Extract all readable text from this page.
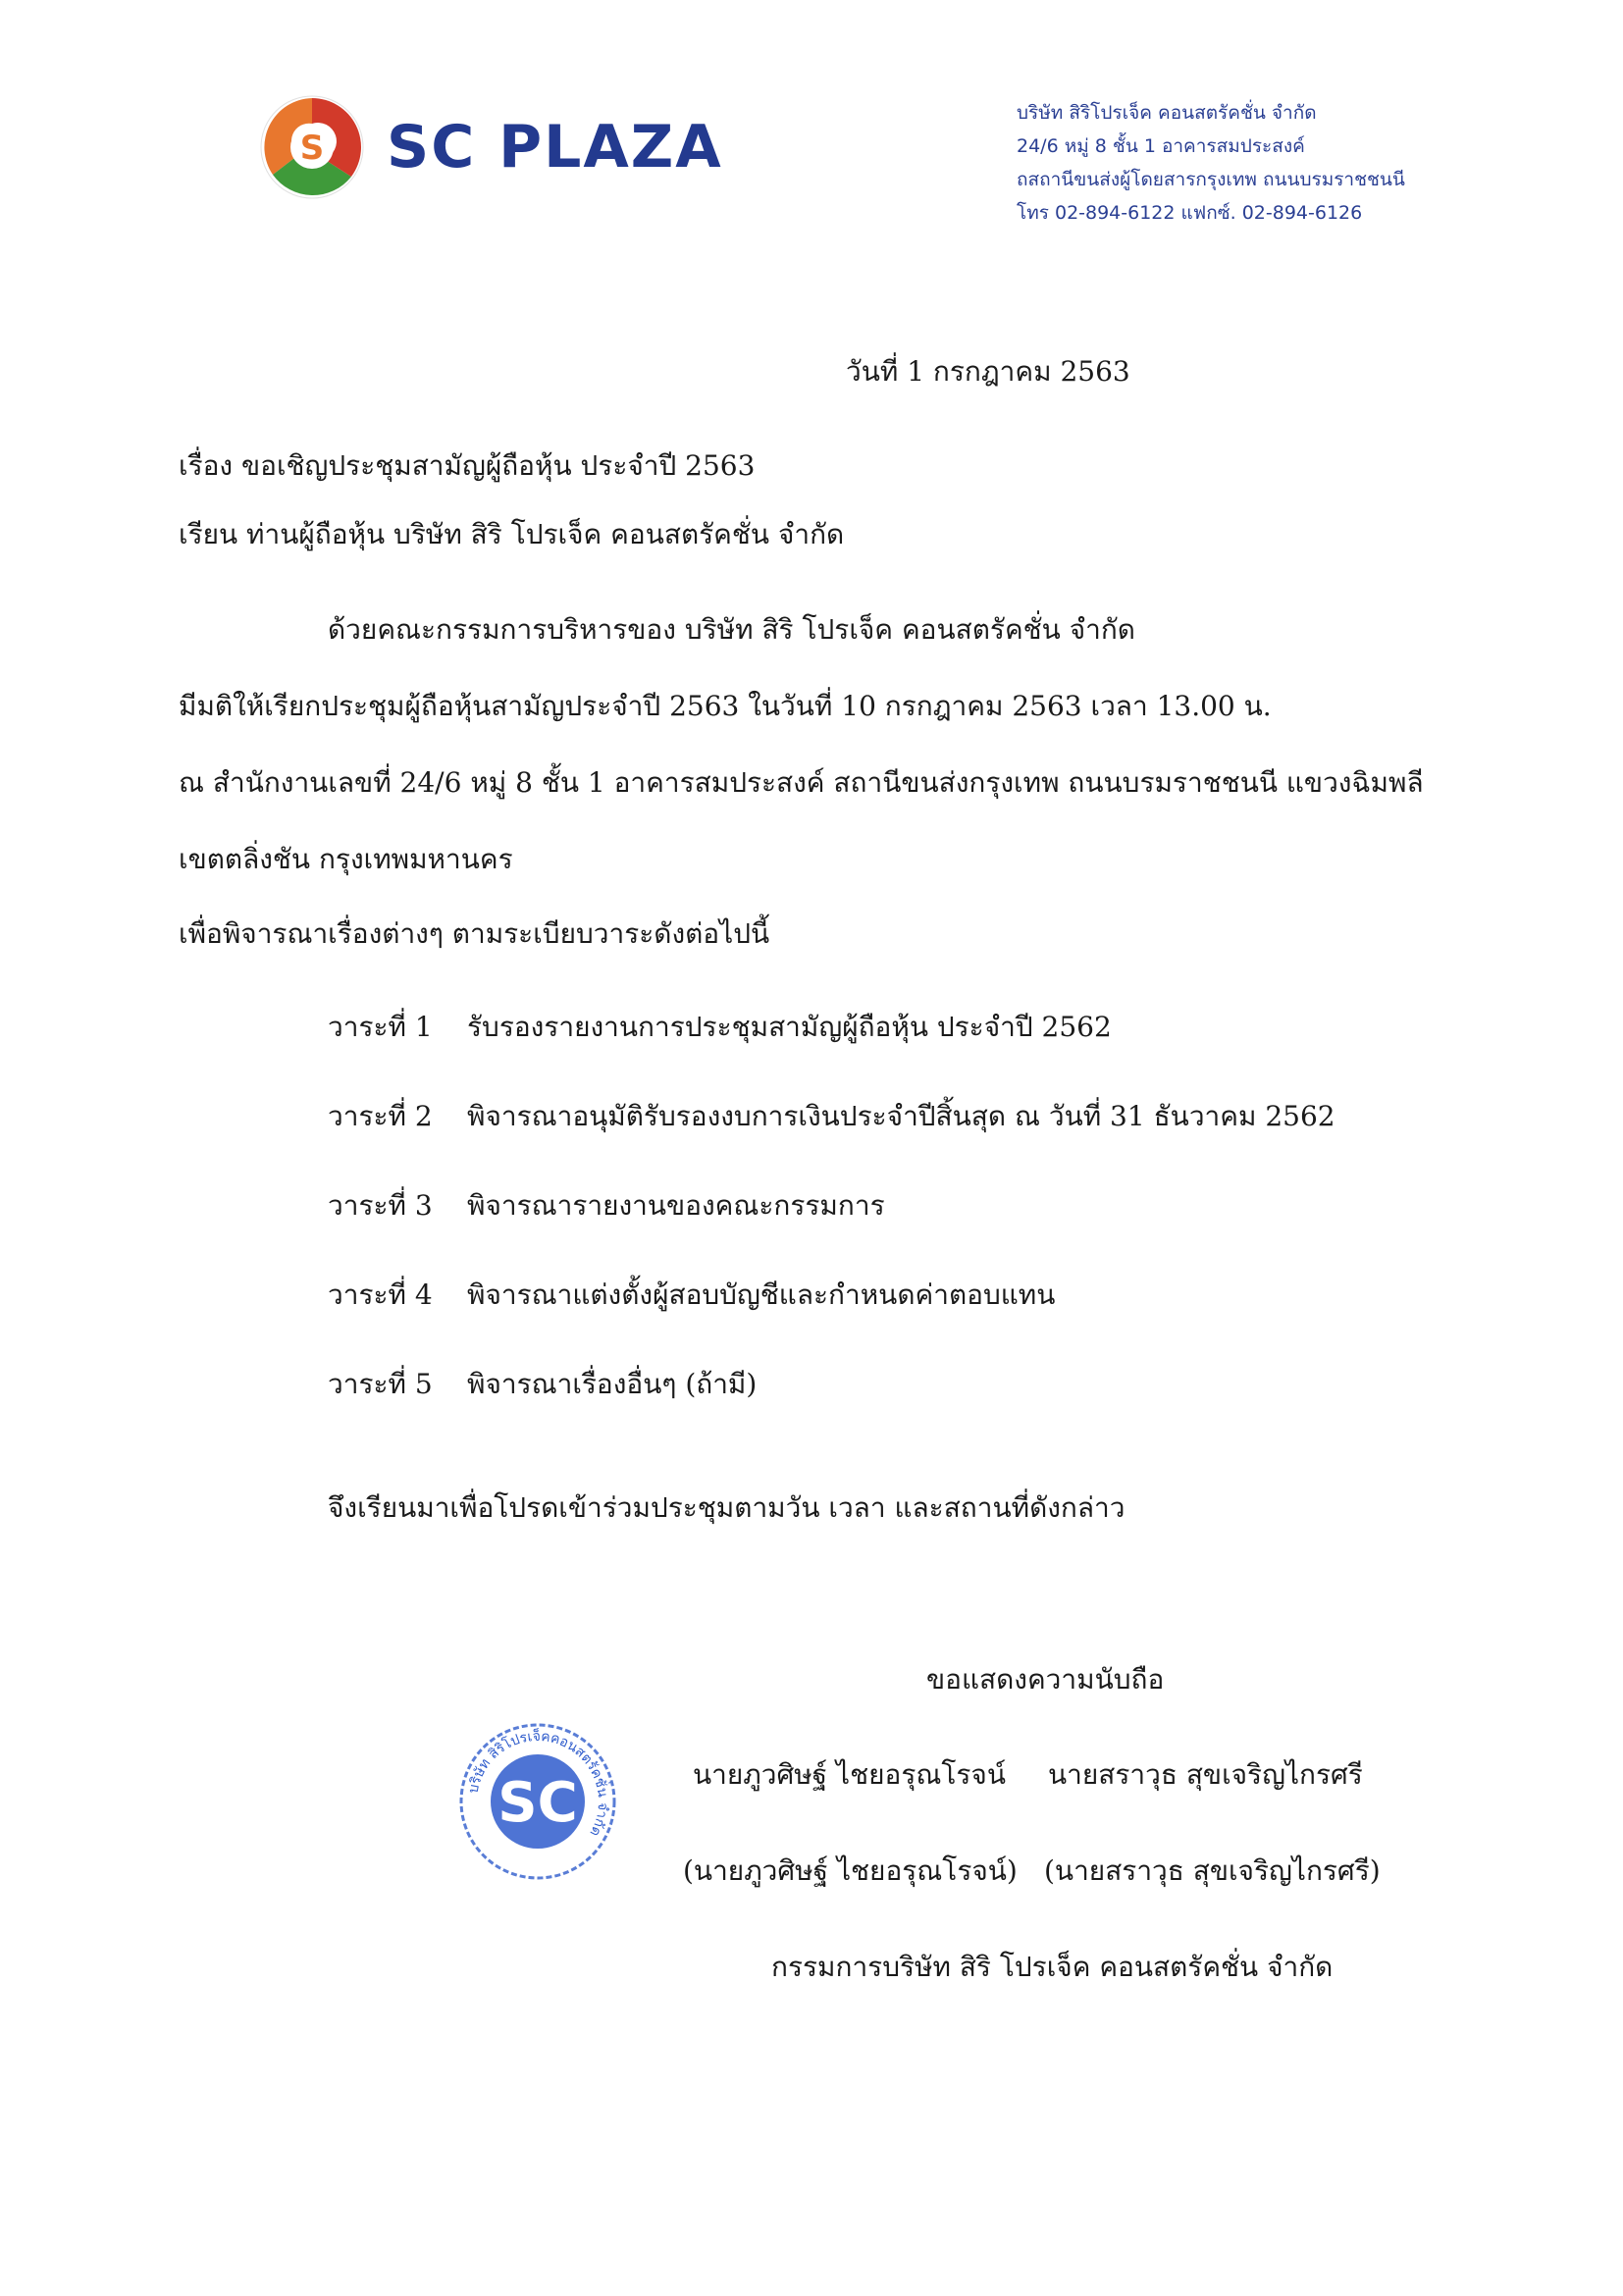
S SC PLAZA	บริษัท สิริโปรเจ็ค คอนสตรัคชั่น จำกัด
24/6 หมู่ 8 ชั้น 1 อาคารสมประสงค์
ถสถานีขนส่งผู้โดยสารกรุงเทพ ถนนบรมราชชนนี
โทร 02-894-6122 แฟกซ์. 02-894-6126
วันที่ 1 กรกฎาคม 2563
เรื่อง ขอเชิญประชุมสามัญผู้ถือหุ้น ประจำปี 2563
เรียน ท่านผู้ถือหุ้น บริษัท สิริ โปรเจ็ค คอนสตรัคชั่น จำกัด
ด้วยคณะกรรมการบริหารของ บริษัท สิริ โปรเจ็ค คอนสตรัคชั่น จำกัด
มีมติให้เรียกประชุมผู้ถือหุ้นสามัญประจำปี 2563 ในวันที่ 10 กรกฎาคม 2563 เวลา 13.00 น.
ณ สำนักงานเลขที่ 24/6 หมู่ 8 ชั้น 1 อาคารสมประสงค์ สถานีขนส่งกรุงเทพ ถนนบรมราชชนนี แขวงฉิมพลี
เขตตลิ่งชัน กรุงเทพมหานคร
เพื่อพิจารณาเรื่องต่างๆ ตามระเบียบวาระดังต่อไปนี้
วาระที่ 1	รับรองรายงานการประชุมสามัญผู้ถือหุ้น ประจำปี 2562
วาระที่ 2	พิจารณาอนุมัติรับรองงบการเงินประจำปีสิ้นสุด ณ วันที่ 31 ธันวาคม 2562
วาระที่ 3	พิจารณารายงานของคณะกรรมการ
วาระที่ 4	พิจารณาแต่งตั้งผู้สอบบัญชีและกำหนดค่าตอบแทน
วาระที่ 5	พิจารณาเรื่องอื่นๆ (ถ้ามี)
จึงเรียนมาเพื่อโปรดเข้าร่วมประชุมตามวัน เวลา และสถานที่ดังกล่าว
ขอแสดงความนับถือ
SC
บริษัท สิริโปรเจ็คคอนสตรัคชั่น จำกัด
นายภูวศิษฐ์ ไชยอรุณโรจน์ นายสราวุธ สุขเจริญไกรศรี
(นายภูวศิษฐ์ ไชยอรุณโรจน์) (นายสราวุธ สุขเจริญไกรศรี)
กรรมการบริษัท สิริ โปรเจ็ค คอนสตรัคชั่น จำกัด
